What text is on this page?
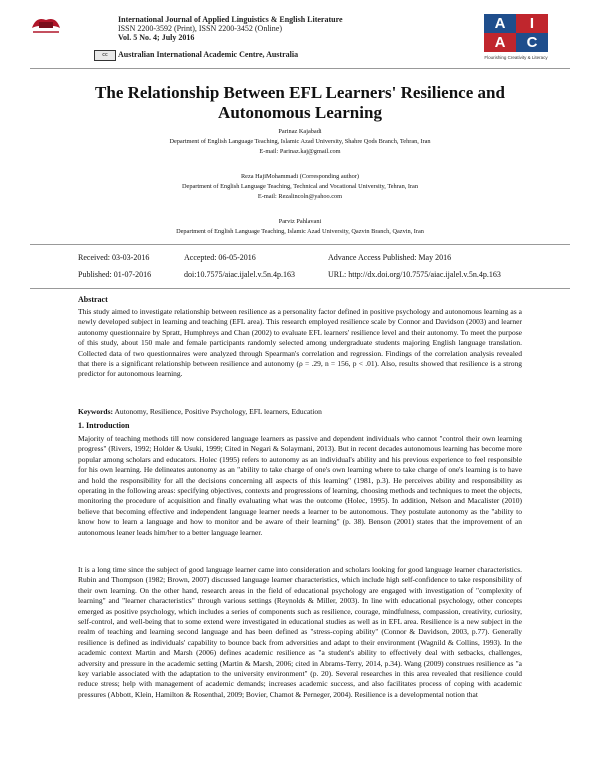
International Journal of Applied Linguistics & English Literature
ISSN 2200-3592 (Print), ISSN 2200-3452 (Online)
Vol. 5 No. 4; July 2016
cc	Australian International Academic Centre, Australia
A	I
A	C
Flourishing Creativity & Literacy
The Relationship Between EFL Learners' Resilience and Autonomous Learning
Parinaz Kajabadi
Department of English Language Teaching, Islamic Azad University, Shahre Qods Branch, Tehran, Iran
E-mail: Parinaz.kaj@gmail.com
Reza HajiMohammadi (Corresponding author)
Department of English Language Teaching, Technical and Vocational University, Tehran, Iran
E-mail: Rezalincoln@yahoo.com
Parviz Pahlavani
Department of English Language Teaching, Islamic Azad University, Qazvin Branch, Qazvin, Iran
Received: 03-03-2016	Accepted: 06-05-2016	Advance Access Published: May 2016
Published: 01-07-2016	doi:10.7575/aiac.ijalel.v.5n.4p.163	URL: http://dx.doi.org/10.7575/aiac.ijalel.v.5n.4p.163
Abstract
This study aimed to investigate relationship between resilience as a personality factor defined in positive psychology and autonomous learning as a newly developed subject in learning and teaching (EFL area). This research employed resilience scale by Connor and Davidson (2003) and learner autonomy questionnaire by Spratt, Humphreys and Chan (2002) to evaluate EFL learners' resilience level and their autonomy. To meet the purpose of this study, about 150 male and female participants randomly selected among undergraduate students majoring English language translation. Collected data of two questionnaires were analyzed through Spearman's correlation and regression. Findings of the correlation analysis revealed that there is a significant relationship between resilience and autonomy (ρ = .29, n = 156, p < .01). Also, results showed that resilience is a strong predictor for autonomous learning.
Keywords: Autonomy, Resilience, Positive Psychology, EFL learners, Education
1. Introduction
Majority of teaching methods till now considered language learners as passive and dependent individuals who cannot "control their own learning progress" (Rivers, 1992; Holder & Usuki, 1999; Cited in Negari & Solaymani, 2013). But in recent decades autonomous learning has become more popular among scholars and educators. Holec (1995) refers to autonomy as an individual's ability and his previous experience to feel responsible for his own learning. He delineates autonomy as an "ability to take charge of one's own learning where to take charge of one's learning is to have and hold the responsibility for all the decisions concerning all aspects of this learning" (1981, p.3). He perceives ability and responsibility as operating in the following areas: specifying objectives, contexts and progressions of learning, choosing methods and techniques to meet the objects, monitoring the procedure of acquisition and finally evaluating what was the outcome (Holec, 1995). In addition, Nelson and Macalister (2010) believe that becoming effective and independent language learner needs a learner to be autonomous. They postulate autonomy as the "ability to know how to learn a language and how to monitor and be aware of their learning" (p. 38). Benson (2001) states that the improvement of an autonomous leaner leads him/her to a better language learner.
It is a long time since the subject of good language learner came into consideration and scholars looking for good language learner characteristics. Rubin and Thompson (1982; Brown, 2007) discussed language learner characteristics, which include high self-confidence to take responsibility of their own learning. On the other hand, research areas in the field of educational psychology are engaged with investigation of "complexity of learning" and "learner characteristics" through various settings (Reynolds & Miller, 2003). In line with educational psychology, other concepts emerged as positive psychology, which includes a series of components such as resilience, courage, mindfulness, compassion, creativity, curiosity, self-control, and well-being that to some extend were investigated in educational studies as well as in EFL area. Resilience is a new subject in the realm of teaching and learning second language and has been defined as "stress-coping ability" (Connor & Davidson, 2003, p.77). Generally resilience is defined as individuals' capability to bounce back from adversities and adapt to their environment (Wagnild & Collins, 1993). In the academic context Martin and Marsh (2006) defines academic resilience as "a student's ability to effectively deal with setbacks, challenges, adversity and pressure in the academic setting (Martin & Marsh, 2006; cited in Abrams-Terry, 2014, p.34). Wang (2009) construes resilience as "a key variable associated with the adaptation to the university environment" (p. 20). Several researches in this area revealed that resilience could reduce stress; help with management of academic demands; increases academic success, and also facilitates process of coping with academic pressures (Abbott, Klein, Hamilton & Rosenthal, 2009; Bovier, Chamot & Perneger, 2004). Resilience is a developmental notion that
